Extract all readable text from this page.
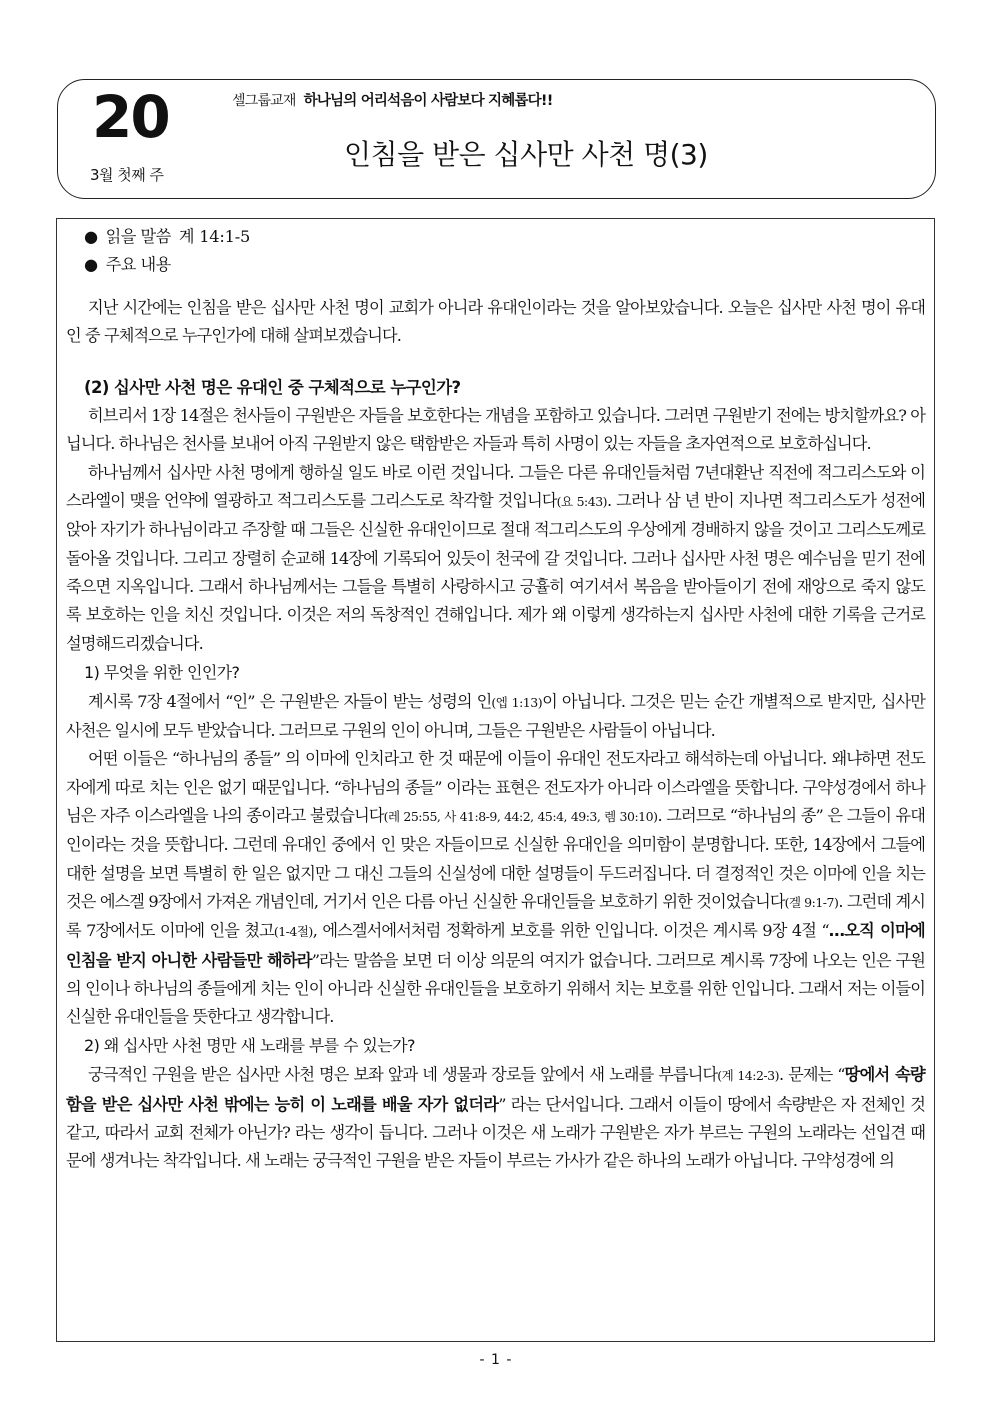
20
3월 첫째 주
셀그룹교재 하나님의 어리석음이 사람보다 지혜롭다!!
인침을 받은 십사만 사천 명(3)
● 읽을 말씀 계 14:1-5
● 주요 내용

지난 시간에는 인침을 받은 십사만 사천 명이 교회가 아니라 유대인이라는 것을 알아보았습니다. 오늘은 십사만 사천 명이 유대인 중 구체적으로 누구인가에 대해 살펴보겠습니다.

(2) 십사만 사천 명은 유대인 중 구체적으로 누구인가?

히브리서 1장 14절은 천사들이 구원받은 자들을 보호한다는 개념을 포함하고 있습니다. 그러면 구원받기 전에는 방치할까요? 아닙니다. 하나님은 천사를 보내어 아직 구원받지 않은 택함받은 자들과 특히 사명이 있는 자들을 초자연적으로 보호하십니다.

하나님께서 십사만 사천 명에게 행하실 일도 바로 이런 것입니다. 그들은 다른 유대인들처럼 7년대환난 직전에 적그리스도와 이스라엘이 맺을 언약에 열광하고 적그리스도를 그리스도로 착각할 것입니다(요 5:43). 그러나 삼 년 반이 지나면 적그리스도가 성전에 앉아 자기가 하나님이라고 주장할 때 그들은 신실한 유대인이므로 절대 적그리스도의 우상에게 경배하지 않을 것이고 그리스도께로 돌아올 것입니다. 그리고 장렬히 순교해 14장에 기록되어 있듯이 천국에 갈 것입니다. 그러나 십사만 사천 명은 예수님을 믿기 전에 죽으면 지옥입니다. 그래서 하나님께서는 그들을 특별히 사랑하시고 긍휼히 여기셔서 복음을 받아들이기 전에 재앙으로 죽지 않도록 보호하는 인을 치신 것입니다. 이것은 저의 독창적인 견해입니다. 제가 왜 이렇게 생각하는지 십사만 사천에 대한 기록을 근거로 설명해드리겠습니다.

1) 무엇을 위한 인인가?

계시록 7장 4절에서 “인” 은 구원받은 자들이 받는 성령의 인(엡 1:13)이 아닙니다. 그것은 믿는 순간 개별적으로 받지만, 십사만 사천은 일시에 모두 받았습니다. 그러므로 구원의 인이 아니며, 그들은 구원받은 사람들이 아닙니다.

어떤 이들은 “하나님의 종들” 의 이마에 인치라고 한 것 때문에 이들이 유대인 전도자라고 해석하는데 아닙니다. 왜냐하면 전도자에게 따로 치는 인은 없기 때문입니다. “하나님의 종들” 이라는 표현은 전도자가 아니라 이스라엘을 뜻합니다. 구약성경에서 하나님은 자주 이스라엘을 나의 종이라고 불렀습니다(레 25:55, 사 41:8-9, 44:2, 45:4, 49:3, 렘 30:10). 그러므로 “하나님의 종” 은 그들이 유대인이라는 것을 뜻합니다. 그런데 유대인 중에서 인 맞은 자들이므로 신실한 유대인을 의미함이 분명합니다. 또한, 14장에서 그들에 대한 설명을 보면 특별히 한 일은 없지만 그 대신 그들의 신실성에 대한 설명들이 두드러집니다. 더 결정적인 것은 이마에 인을 치는 것은 에스겔 9장에서 가져온 개념인데, 거기서 인은 다름 아닌 신실한 유대인들을 보호하기 위한 것이었습니다(겔 9:1-7). 그런데 계시록 7장에서도 이마에 인을 쳤고(1-4절), 에스겔서에서처럼 정확하게 보호를 위한 인입니다. 이것은 계시록 9장 4절 “…오직 이마에 인침을 받지 아니한 사람들만 해하라”라는 말씀을 보면 더 이상 의문의 여지가 없습니다. 그러므로 계시록 7장에 나오는 인은 구원의 인이나 하나님의 종들에게 치는 인이 아니라 신실한 유대인들을 보호하기 위해서 치는 보호를 위한 인입니다. 그래서 저는 이들이 신실한 유대인들을 뜻한다고 생각합니다.

2) 왜 십사만 사천 명만 새 노래를 부를 수 있는가?

궁극적인 구원을 받은 십사만 사천 명은 보좌 앞과 네 생물과 장로들 앞에서 새 노래를 부릅니다(계 14:2-3). 문제는 “땅에서 속량함을 받은 십사만 사천 밖에는 능히 이 노래를 배울 자가 없더라” 라는 단서입니다. 그래서 이들이 땅에서 속량받은 자 전체인 것 같고, 따라서 교회 전체가 아닌가? 라는 생각이 듭니다. 그러나 이것은 새 노래가 구원받은 자가 부르는 구원의 노래라는 선입견 때문에 생겨나는 착각입니다. 새 노래는 궁극적인 구원을 받은 자들이 부르는 가사가 같은 하나의 노래가 아닙니다. 구약성경에 의

- 1 -
